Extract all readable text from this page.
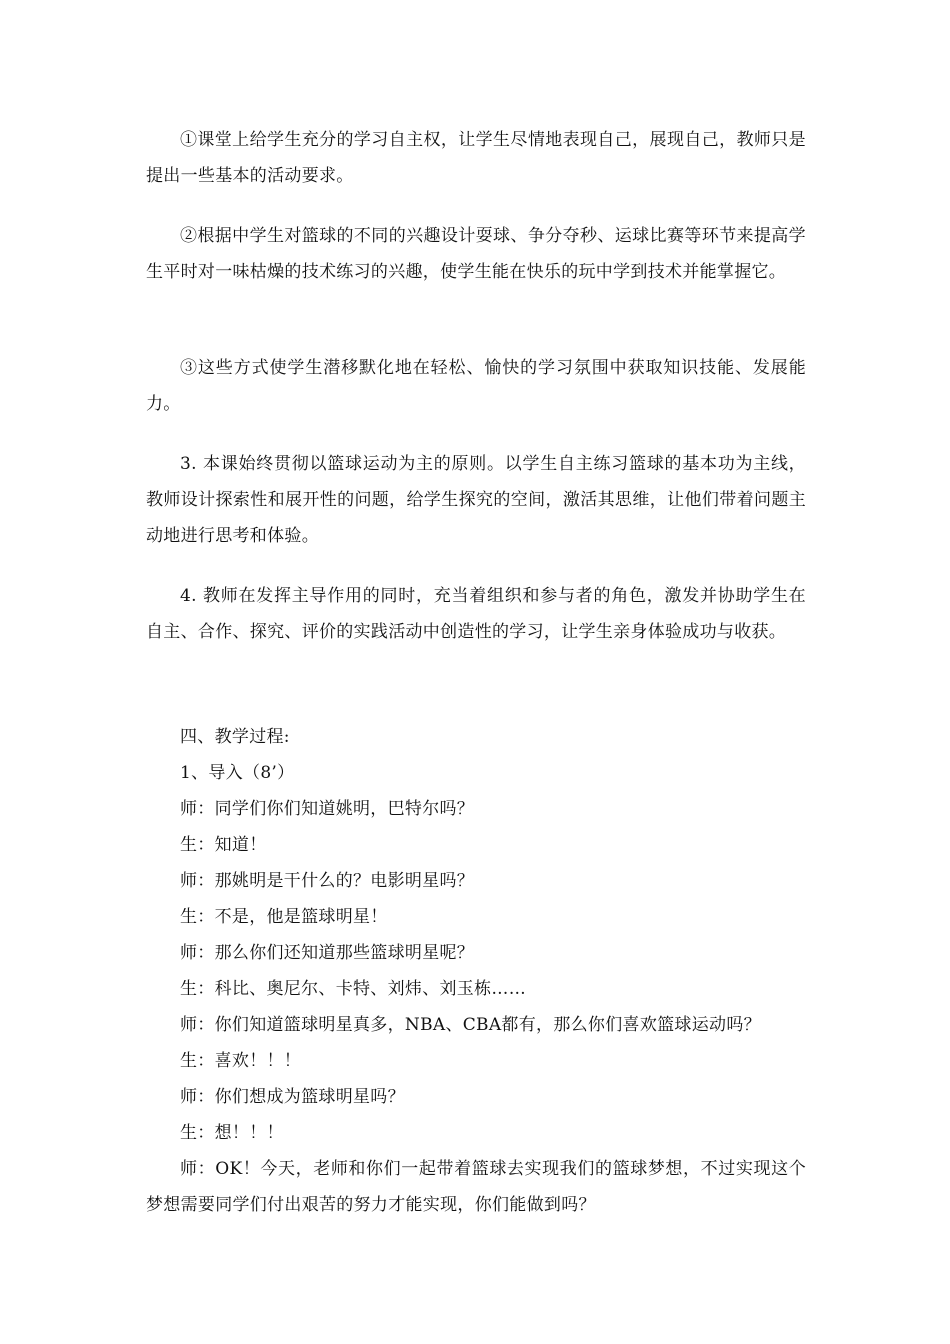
①课堂上给学生充分的学习自主权，让学生尽情地表现自己，展现自己，教师只是提出一些基本的活动要求。

②根据中学生对篮球的不同的兴趣设计耍球、争分夺秒、运球比赛等环节来提高学生平时对一味枯燥的技术练习的兴趣，使学生能在快乐的玩中学到技术并能掌握它。

③这些方式使学生潜移默化地在轻松、愉快的学习氛围中获取知识技能、发展能力。

3. 本课始终贯彻以篮球运动为主的原则。以学生自主练习篮球的基本功为主线，教师设计探索性和展开性的问题，给学生探究的空间，激活其思维，让他们带着问题主动地进行思考和体验。

4. 教师在发挥主导作用的同时，充当着组织和参与者的角色，激发并协助学生在自主、合作、探究、评价的实践活动中创造性的学习，让学生亲身体验成功与收获。

四、教学过程:

1、导入（8’）

师：同学们你们知道姚明，巴特尔吗？

生：知道！

师：那姚明是干什么的？电影明星吗？

生：不是，他是篮球明星！

师：那么你们还知道那些篮球明星呢？

生：科比、奥尼尔、卡特、刘炜、刘玉栋……

师：你们知道篮球明星真多，NBA、CBA都有，那么你们喜欢篮球运动吗？

生：喜欢！！！

师：你们想成为篮球明星吗？

生：想！！！

师：OK！今天，老师和你们一起带着篮球去实现我们的篮球梦想，不过实现这个梦想需要同学们付出艰苦的努力才能实现，你们能做到吗？
